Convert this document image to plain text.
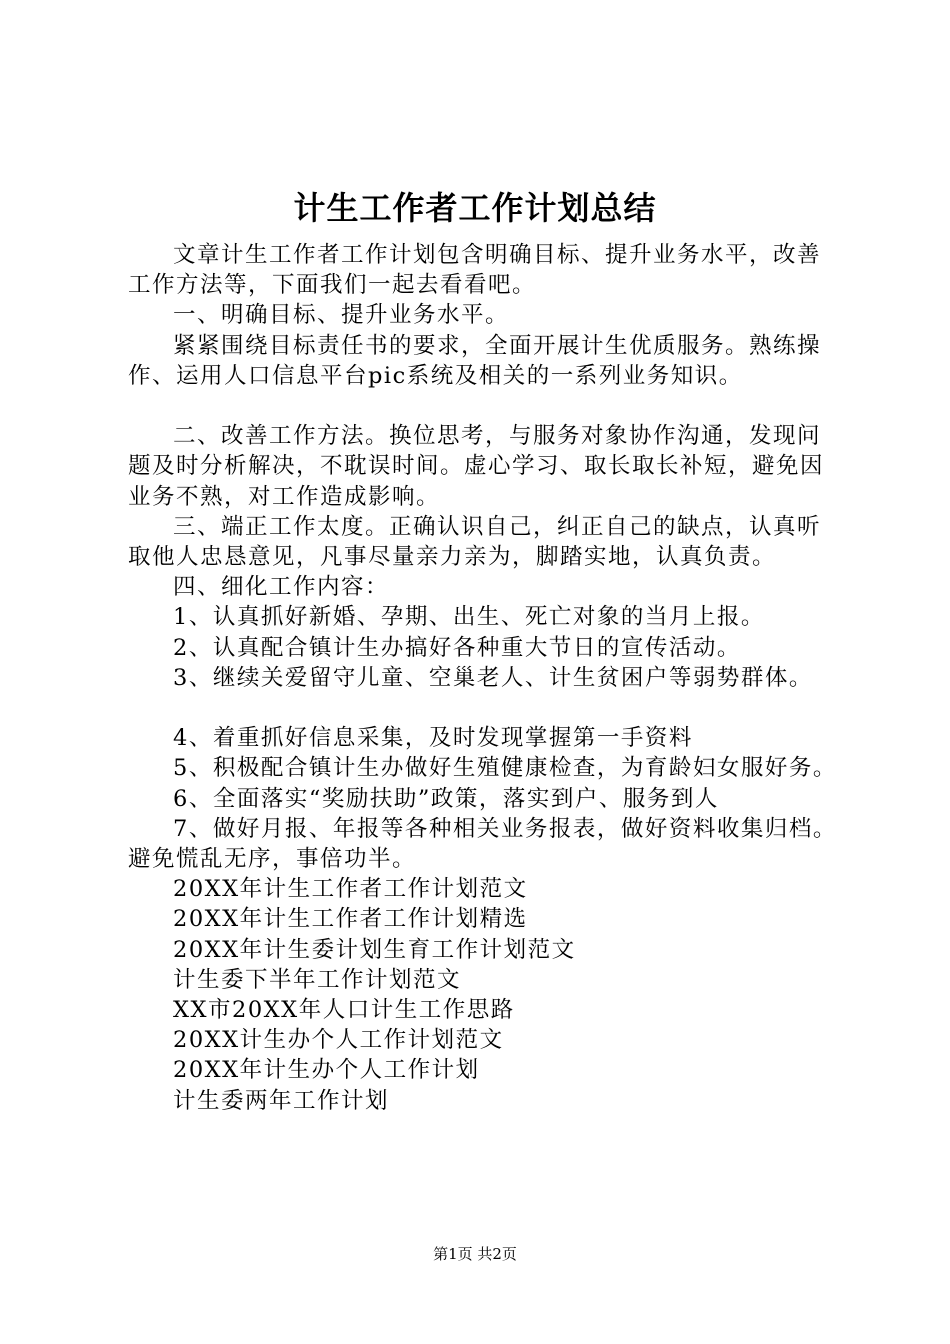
计生工作者工作计划总结

文章计生工作者工作计划包含明确目标、提升业务水平，改善工作方法等，下面我们一起去看看吧。

一、明确目标、提升业务水平。

紧紧围绕目标责任书的要求，全面开展计生优质服务。熟练操作、运用人口信息平台pic系统及相关的一系列业务知识。

二、改善工作方法。换位思考，与服务对象协作沟通，发现问题及时分析解决，不耽误时间。虚心学习、取长取长补短，避免因业务不熟，对工作造成影响。

三、端正工作太度。正确认识自己，纠正自己的缺点，认真听取他人忠恳意见，凡事尽量亲力亲为，脚踏实地，认真负责。

四、细化工作内容：

1、认真抓好新婚、孕期、出生、死亡对象的当月上报。

2、认真配合镇计生办搞好各种重大节日的宣传活动。

3、继续关爱留守儿童、空巢老人、计生贫困户等弱势群体。

4、着重抓好信息采集，及时发现掌握第一手资料

5、积极配合镇计生办做好生殖健康检查，为育龄妇女服好务。

6、全面落实“奖励扶助”政策，落实到户、服务到人

7、做好月报、年报等各种相关业务报表，做好资料收集归档。避免慌乱无序，事倍功半。

20XX年计生工作者工作计划范文

20XX年计生工作者工作计划精选

20XX年计生委计划生育工作计划范文

计生委下半年工作计划范文

XX市20XX年人口计生工作思路

20XX计生办个人工作计划范文

20XX年计生办个人工作计划

计生委两年工作计划

第1页 共2页
